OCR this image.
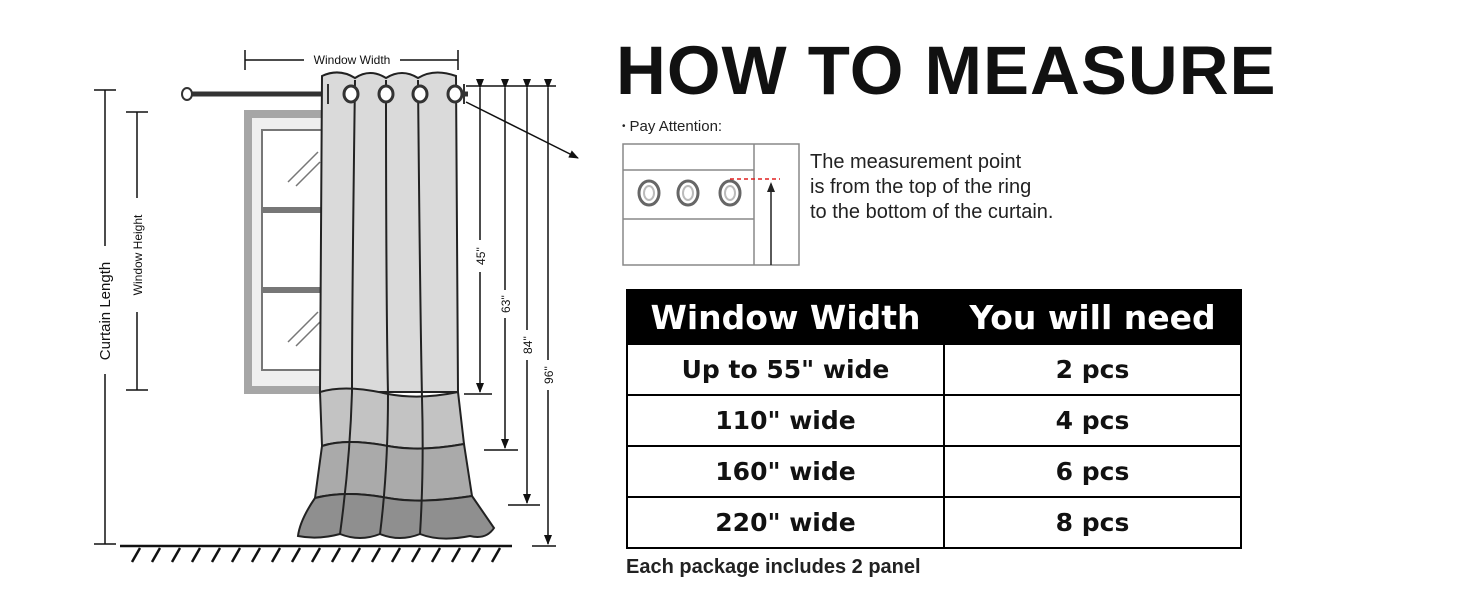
Window Width
Window Height
Curtain Length
45''
63''
84''
96''
HOW TO MEASURE
• Pay Attention:
The measurement point
is from the top of the ring
to the bottom of the curtain.
Window Width	You will need
Up to 55" wide	2 pcs
110" wide	4 pcs
160" wide	6 pcs
220" wide	8 pcs
Each package includes 2 panel
